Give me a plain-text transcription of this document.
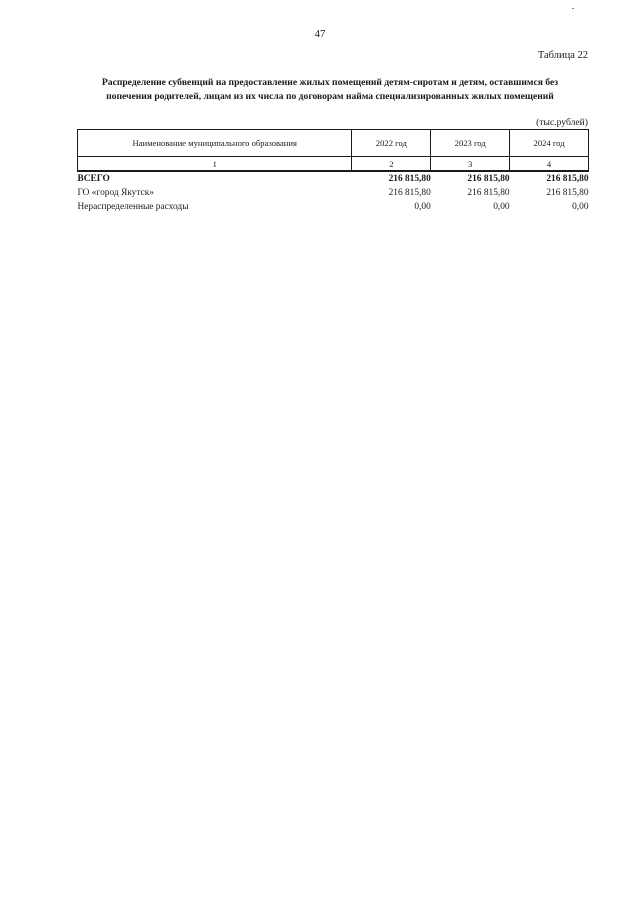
47
Таблица 22
Распределение субвенций на предоставление жилых помещений детям-сиротам и детям, оставшимся без
попечения родителей, лицам из их числа по договорам найма специализированных жилых помещений
(тыс.рублей)
Наименование муниципального образования	2022 год	2023 год	2024 год
1	2	3	4
ВСЕГО	216 815,80	216 815,80	216 815,80
ГО «город Якутск»	216 815,80	216 815,80	216 815,80
Нераспределенные расходы	0,00	0,00	0,00
